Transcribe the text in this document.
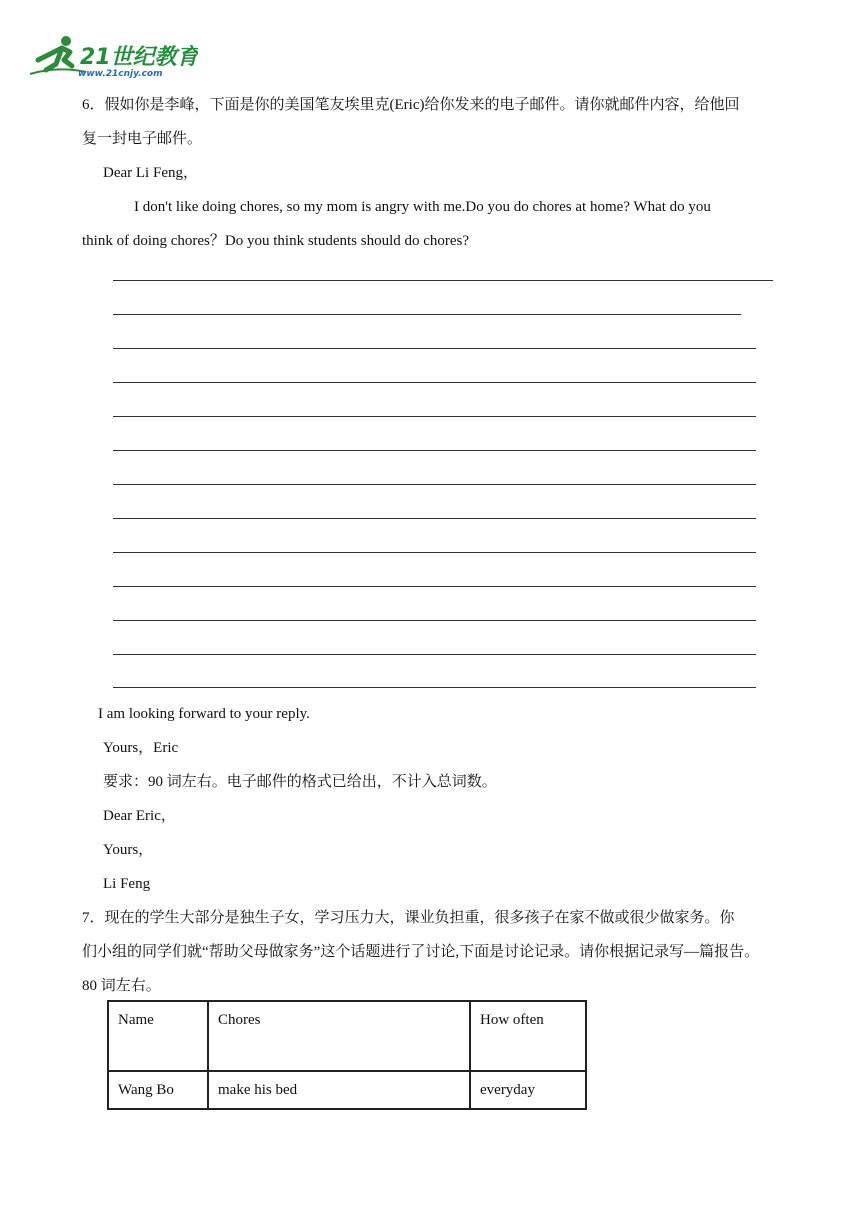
21世纪教育
www.21cnjy.com
6．假如你是李峰，下面是你的美国笔友埃里克(Eric)给你发来的电子邮件。请你就邮件内容，给他回
复一封电子邮件。
Dear Li Feng，
I don't like doing chores, so my mom is angry with me.Do you do chores at home? What do you
think of doing chores？Do you think students should do chores?
I am looking forward to your reply.
Yours，Eric
要求：90 词左右。电子邮件的格式已给出，不计入总词数。
Dear Eric，
Yours，
Li Feng
7．现在的学生大部分是独生子女，学习压力大，课业负担重，很多孩子在家不做或很少做家务。你
们小组的同学们就“帮助父母做家务”这个话题进行了讨论,下面是讨论记录。请你根据记录写—篇报告。
80 词左右。
Name	Chores	How often
Wang Bo	make his bed	everyday
